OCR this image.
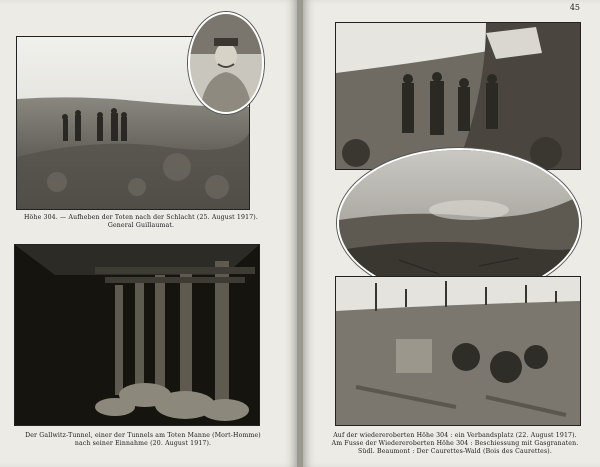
Höhe 304. — Aufheben der Toten nach der Schlacht (25. August 1917).
General Guillaumat.
Der Gallwitz-Tunnel, einer der Tunnels am Toten Manne (Mort-Homme)
nach seiner Einnahme (20. August 1917).
45
Auf der wiedereroberten Höhe 304 : ein Verbandsplatz (22. August 1917).
Am Fusse der Wiedereroberten Höhe 304 : Beschiessung mit Gasgranaten.
Südl. Beaumont : Der Caurettes-Wald (Bois des Caurettes).
